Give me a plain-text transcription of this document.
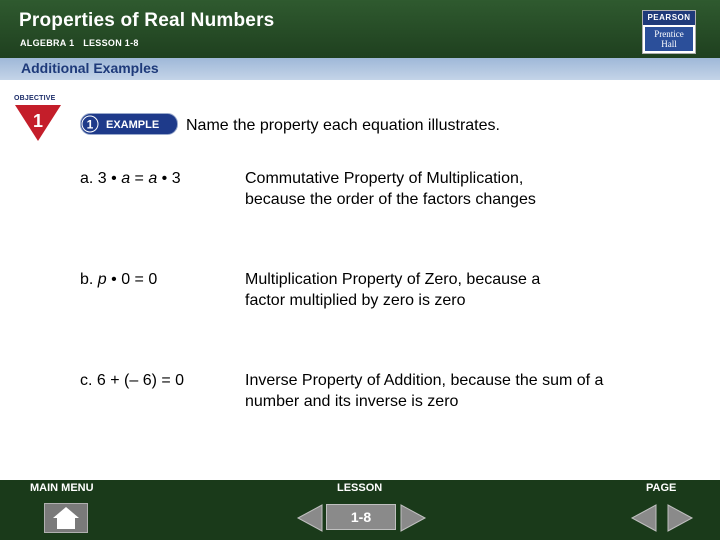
Properties of Real Numbers
ALGEBRA 1 LESSON 1-8
PEARSON
Prentice
Hall
Additional Examples
OBJECTIVE
1	1 EXAMPLE Name the property each equation illustrates.
a. 3 • a = a • 3	Commutative Property of Multiplication,
because the order of the factors changes
b. p • 0 = 0	Multiplication Property of Zero, because a
factor multiplied by zero is zero
c. 6 + (– 6) = 0	Inverse Property of Addition, because the sum of a
number and its inverse is zero
MAIN MENU	LESSON	PAGE
1-8
